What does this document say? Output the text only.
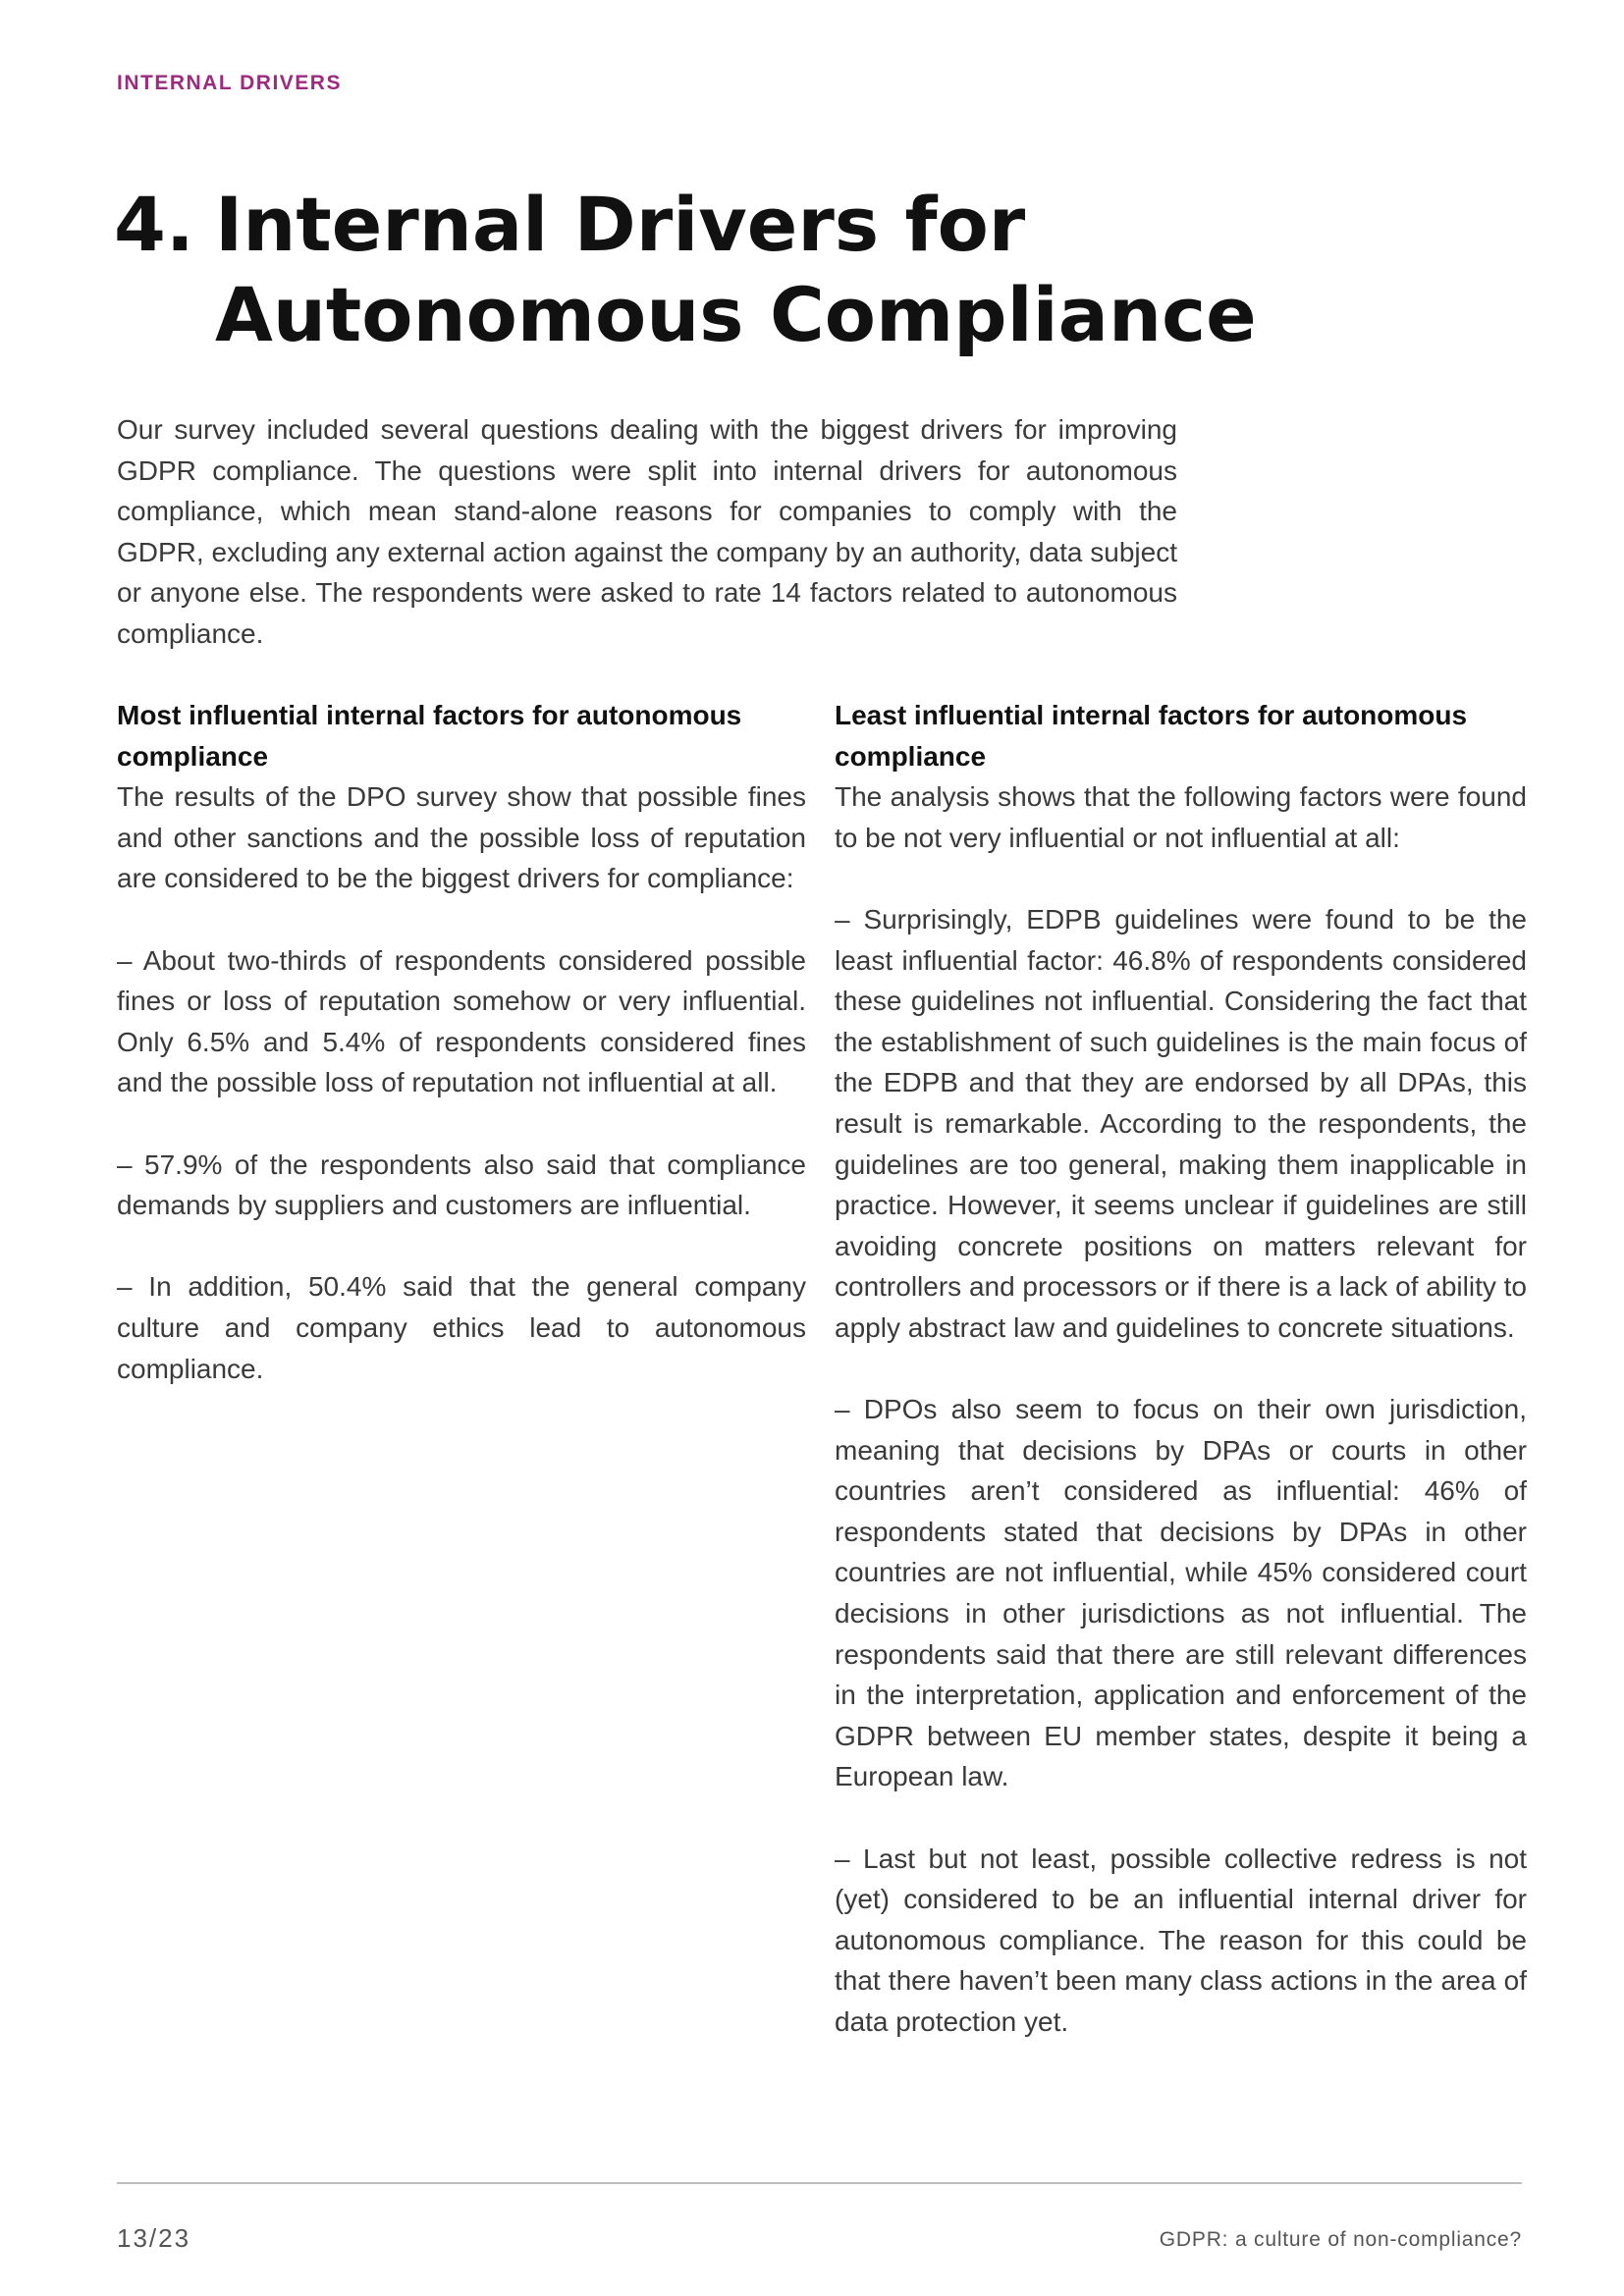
INTERNAL DRIVERS
4. Internal Drivers for
Autonomous Compliance

Our survey included several questions dealing with the biggest drivers for improving GDPR compliance. The questions were split into internal drivers for autonomous compliance, which mean stand-alone reasons for companies to comply with the GDPR, excluding any external action against the company by an authority, data subject or anyone else. The respondents were asked to rate 14 factors related to autonomous compliance.

Most influential internal factors for autonomous compliance

The results of the DPO survey show that possible fines and other sanctions and the possible loss of reputation are considered to be the biggest drivers for compliance:

– About two-thirds of respondents considered possible fines or loss of reputation somehow or very influential. Only 6.5% and 5.4% of respondents considered fines and the possible loss of reputation not influential at all.

– 57.9% of the respondents also said that compliance demands by suppliers and customers are influential.

– In addition, 50.4% said that the general company culture and company ethics lead to autonomous compliance.

Least influential internal factors for autonomous compliance

The analysis shows that the following factors were found to be not very influential or not influential at all:

– Surprisingly, EDPB guidelines were found to be the least influential factor: 46.8% of respondents considered these guidelines not influential. Considering the fact that the establishment of such guidelines is the main focus of the EDPB and that they are endorsed by all DPAs, this result is remarkable. According to the respondents, the guidelines are too general, making them inapplicable in practice. However, it seems unclear if guidelines are still avoiding concrete positions on matters relevant for controllers and processors or if there is a lack of ability to apply abstract law and guidelines to concrete situations.

– DPOs also seem to focus on their own jurisdiction, meaning that decisions by DPAs or courts in other countries aren’t considered as influential: 46% of respondents stated that decisions by DPAs in other countries are not influential, while 45% considered court decisions in other jurisdictions as not influential. The respondents said that there are still relevant differences in the interpretation, application and enforcement of the GDPR between EU member states, despite it being a European law.

– Last but not least, possible collective redress is not (yet) considered to be an influential internal driver for autonomous compliance. The reason for this could be that there haven’t been many class actions in the area of data protection yet.

13/23	GDPR: a culture of non-compliance?
